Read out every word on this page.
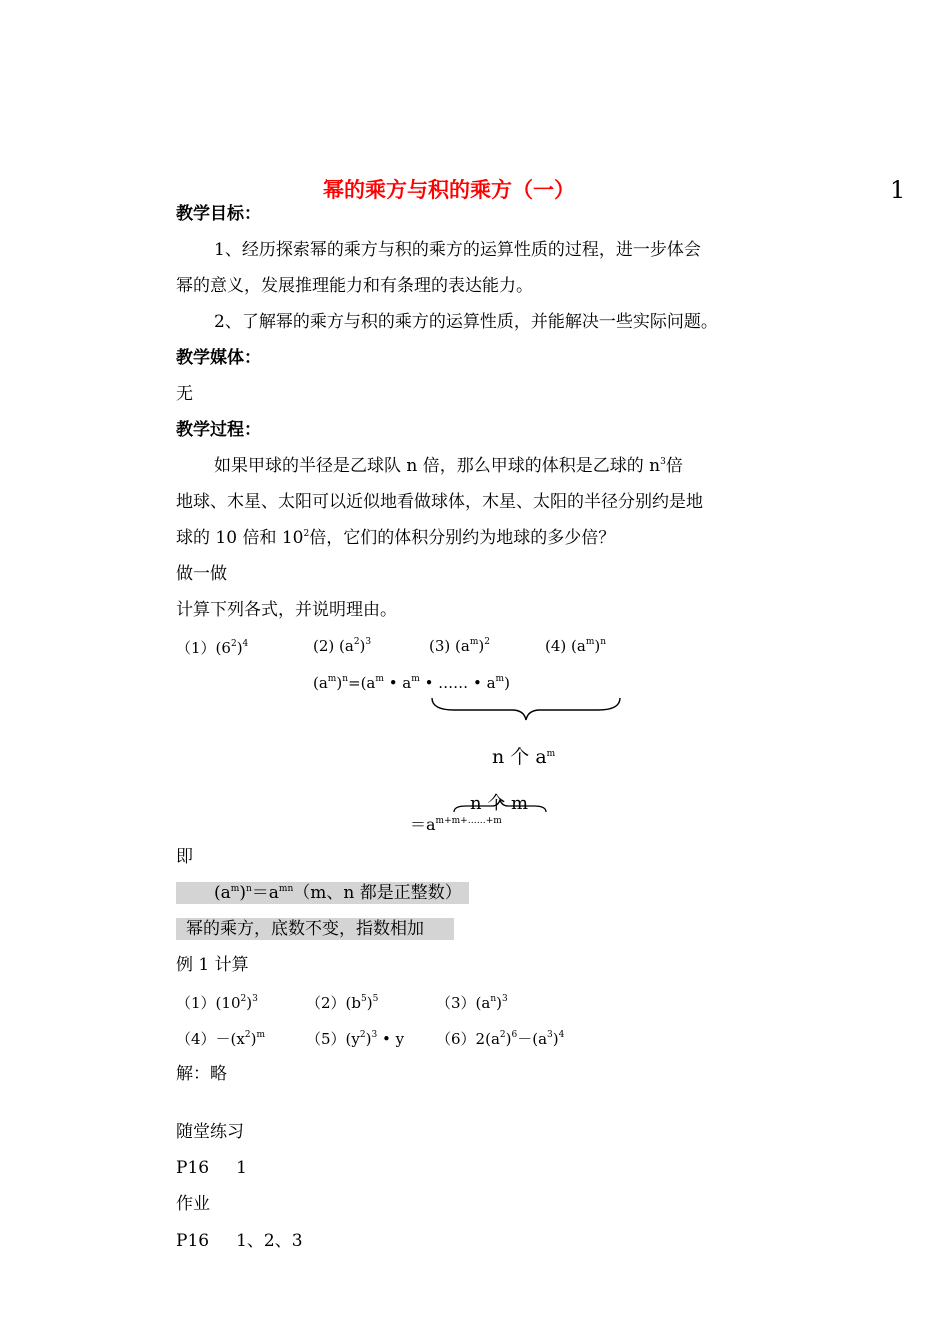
幂的乘方与积的乘方（一）	1
教学目标：
1、经历探索幂的乘方与积的乘方的运算性质的过程，进一步体会
幂的意义，发展推理能力和有条理的表达能力。
2、了解幂的乘方与积的乘方的运算性质，并能解决一些实际问题。
教学媒体：
无
教学过程：
如果甲球的半径是乙球队 n 倍，那么甲球的体积是乙球的 $n^3$倍
地球、木星、太阳可以近似地看做球体，木星、太阳的半径分别约是地
球的 10 倍和 $10^2$倍，它们的体积分别约为地球的多少倍？
做一做
计算下列各式，并说明理由。
$(1)(6^2)^4$	(2) $(a^2)^3$	(3) $(a^m)^2$	(4) $(a^m)^n$
$(a^m)^n=(a^m$ • $a^m$ • …… • $a^m$)
n 个 $a^m$
n 个 m
$=a^{m+m+\dots\dots+m}$
即
$(a^m)^n=a^{mn}(m$、n 都是正整数）
幂的乘方，底数不变，指数相加
例 1 计算
$(1)(10^2)^3$	$(2)(b^5)^5$	$(3)(a^n)^3$
$(4)-(x^2)^m$	$(5)(y^2)^3$ • y $(6)2(a^2)^6-(a^3)^4$
解：略
随堂练习
P16     1
作业
P16     1、2、3
